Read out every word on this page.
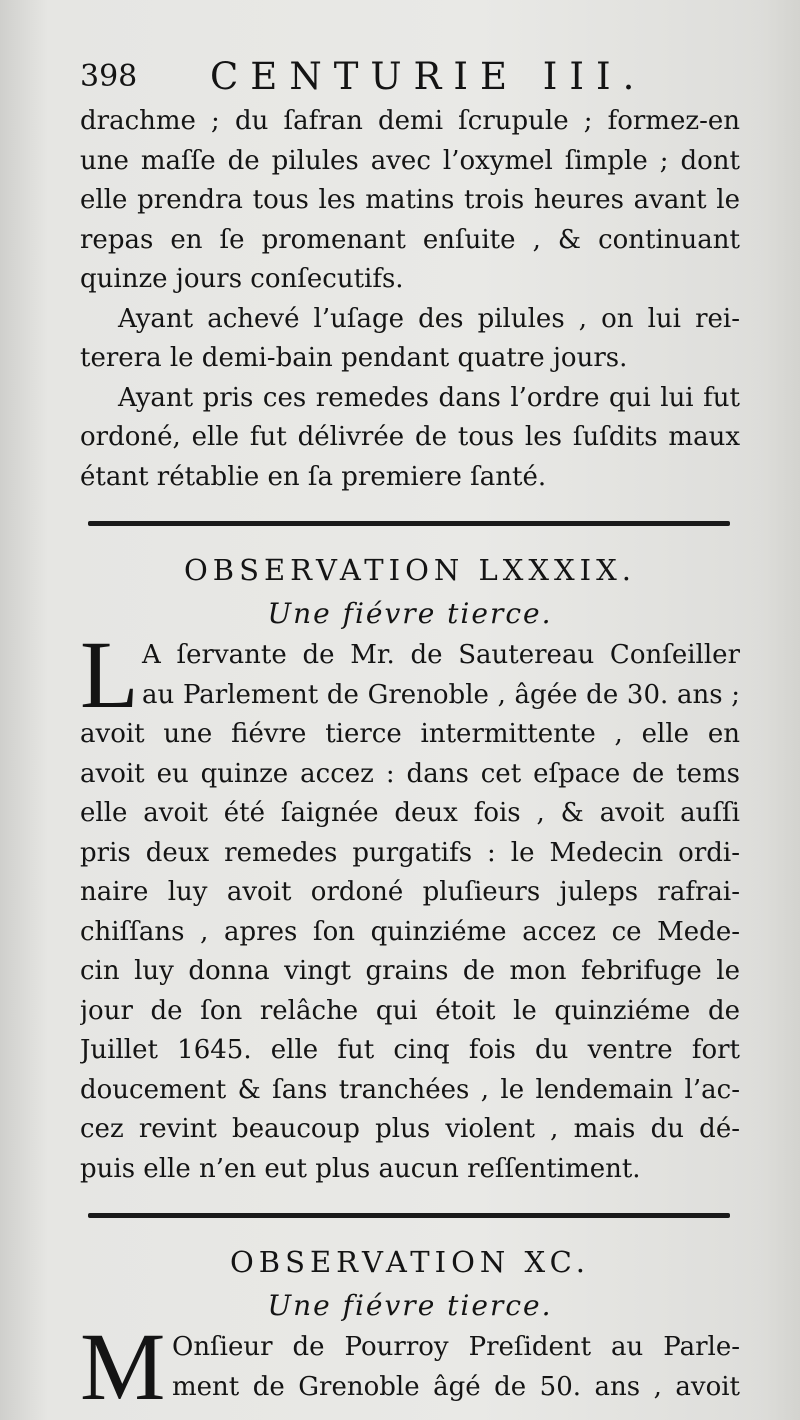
398 CENTURIE III.
drachme ; du ſafran demi ſcrupule ; formez-en
une maſſe de pilules avec l’oxymel ſimple ; dont
elle prendra tous les matins trois heures avant le
repas en ſe promenant enſuite , & continuant
quinze jours conſecutifs.
Ayant achevé l’uſage des pilules , on lui rei-
terera le demi-bain pendant quatre jours.
Ayant pris ces remedes dans l’ordre qui lui fut
ordoné, elle fut délivrée de tous les ſuſdits maux
étant rétablie en ſa premiere ſanté.
OBSERVATION LXXXIX.
Une fiévre tierce.
L A ſervante de Mr. de Sautereau Conſeiller
au Parlement de Grenoble , âgée de 30. ans ;
avoit une fiévre tierce intermittente , elle en
avoit eu quinze accez : dans cet eſpace de tems
elle avoit été ſaignée deux fois , & avoit auſſi
pris deux remedes purgatifs : le Medecin ordi-
naire luy avoit ordoné pluſieurs juleps rafrai-
chiſſans , apres ſon quinziéme accez ce Mede-
cin luy donna vingt grains de mon febrifuge le
jour de ſon relâche qui étoit le quinziéme de
Juillet 1645. elle fut cinq fois du ventre fort
doucement & ſans tranchées , le lendemain l’ac-
cez revint beaucoup plus violent , mais du dé-
puis elle n’en eut plus aucun reſſentiment.
OBSERVATION XC.
Une fiévre tierce.
M Onſieur de Pourroy Preſident au Parle-
ment de Grenoble âgé de 50. ans , avoit
